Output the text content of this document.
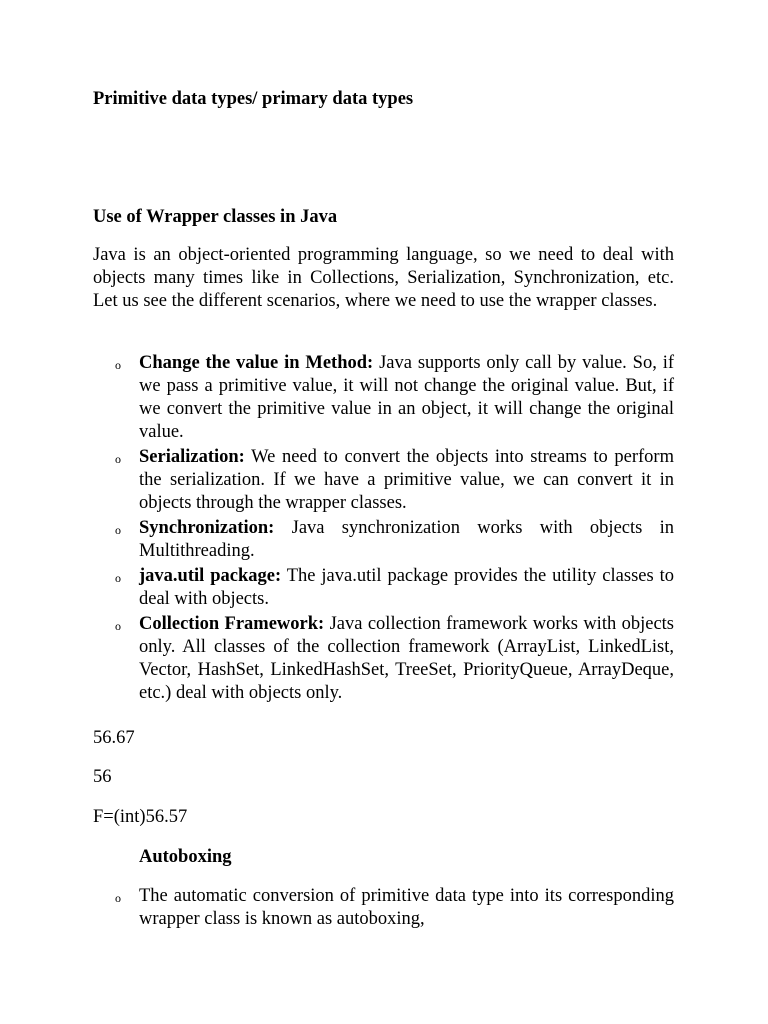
Primitive data types/ primary data types
Use of Wrapper classes in Java

Java is an object-oriented programming language, so we need to deal with objects many times like in Collections, Serialization, Synchronization, etc. Let us see the different scenarios, where we need to use the wrapper classes.

o Change the value in Method: Java supports only call by value. So, if we pass a primitive value, it will not change the original value. But, if we convert the primitive value in an object, it will change the original value.
o Serialization: We need to convert the objects into streams to perform the serialization. If we have a primitive value, we can convert it in objects through the wrapper classes.
o Synchronization: Java synchronization works with objects in Multithreading.
o java.util package: The java.util package provides the utility classes to deal with objects.
o Collection Framework: Java collection framework works with objects only. All classes of the collection framework (ArrayList, LinkedList, Vector, HashSet, LinkedHashSet, TreeSet, PriorityQueue, ArrayDeque, etc.) deal with objects only.
56.67
56
F=(int)56.57
Autoboxing
o The automatic conversion of primitive data type into its corresponding wrapper class is known as autoboxing,
